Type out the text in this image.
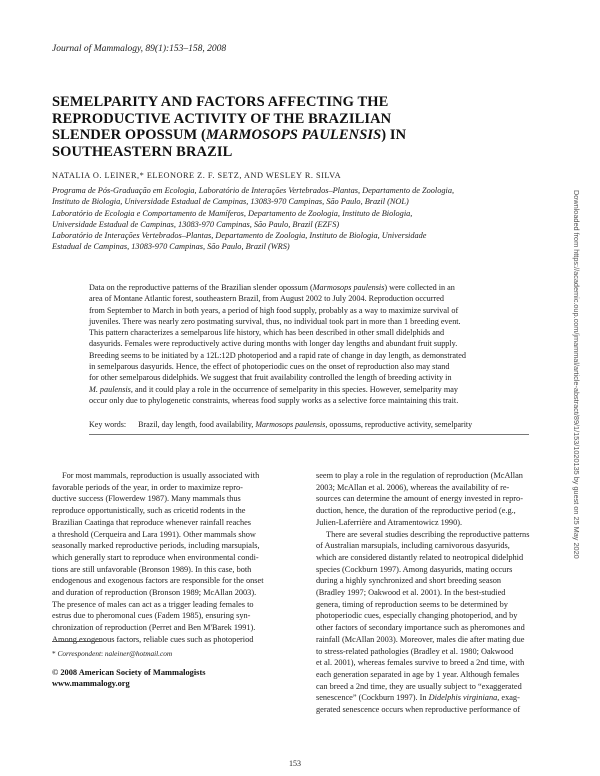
Journal of Mammalogy, 89(1):153–158, 2008
SEMELPARITY AND FACTORS AFFECTING THE
REPRODUCTIVE ACTIVITY OF THE BRAZILIAN
SLENDER OPOSSUM (MARMOSOPS PAULENSIS) IN
SOUTHEASTERN BRAZIL
NATALIA O. LEINER,* ELEONORE Z. F. SETZ, AND WESLEY R. SILVA
Programa de Pós-Graduação em Ecologia, Laboratório de Interações Vertebrados–Plantas, Departamento de Zoologia,
Instituto de Biologia, Universidade Estadual de Campinas, 13083-970 Campinas, São Paulo, Brazil (NOL)
Laboratório de Ecologia e Comportamento de Mamíferos, Departamento de Zoologia, Instituto de Biologia,
Universidade Estadual de Campinas, 13083-970 Campinas, São Paulo, Brazil (EZFS)
Laboratório de Interações Vertebrados–Plantas, Departamento de Zoologia, Instituto de Biologia, Universidade
Estadual de Campinas, 13083-970 Campinas, São Paulo, Brazil (WRS)
Data on the reproductive patterns of the Brazilian slender opossum (Marmosops paulensis) were collected in an
area of Montane Atlantic forest, southeastern Brazil, from August 2002 to July 2004. Reproduction occurred
from September to March in both years, a period of high food supply, probably as a way to maximize survival of
juveniles. There was nearly zero postmating survival, thus, no individual took part in more than 1 breeding event.
This pattern characterizes a semelparous life history, which has been described in other small didelphids and
dasyurids. Females were reproductively active during months with longer day lengths and abundant fruit supply.
Breeding seems to be initiated by a 12L:12D photoperiod and a rapid rate of change in day length, as demonstrated
in semelparous dasyurids. Hence, the effect of photoperiodic cues on the onset of reproduction also may stand
for other semelparous didelphids. We suggest that fruit availability controlled the length of breeding activity in
M. paulensis, and it could play a role in the occurrence of semelparity in this species. However, semelparity may
occur only due to phylogenetic constraints, whereas food supply works as a selective force maintaining this trait.
Key words: Brazil, day length, food availability, Marmosops paulensis, opossums, reproductive activity, semelparity
For most mammals, reproduction is usually associated with
favorable periods of the year, in order to maximize repro-
ductive success (Flowerdew 1987). Many mammals thus
reproduce opportunistically, such as cricetid rodents in the
Brazilian Caatinga that reproduce whenever rainfall reaches
a threshold (Cerqueira and Lara 1991). Other mammals show
seasonally marked reproductive periods, including marsupials,
which generally start to reproduce when environmental condi-
tions are still unfavorable (Bronson 1989). In this case, both
endogenous and exogenous factors are responsible for the onset
and duration of reproduction (Bronson 1989; McAllan 2003).
The presence of males can act as a trigger leading females to
estrus due to pheromonal cues (Fadem 1985), ensuring syn-
chronization of reproduction (Perret and Ben M'Barek 1991).
Among exogenous factors, reliable cues such as photoperiod
seem to play a role in the regulation of reproduction (McAllan
2003; McAllan et al. 2006), whereas the availability of re-
sources can determine the amount of energy invested in repro-
duction, hence, the duration of the reproductive period (e.g.,
Julien-Laferrière and Atramentowicz 1990).
There are several studies describing the reproductive patterns
of Australian marsupials, including carnivorous dasyurids,
which are considered distantly related to neotropical didelphid
species (Cockburn 1997). Among dasyurids, mating occurs
during a highly synchronized and short breeding season
(Bradley 1997; Oakwood et al. 2001). In the best-studied
genera, timing of reproduction seems to be determined by
photoperiodic cues, especially changing photoperiod, and by
other factors of secondary importance such as pheromones and
rainfall (McAllan 2003). Moreover, males die after mating due
to stress-related pathologies (Bradley et al. 1980; Oakwood
et al. 2001), whereas females survive to breed a 2nd time, with
each generation separated in age by 1 year. Although females
can breed a 2nd time, they are usually subject to “exaggerated
senescence” (Cockburn 1997). In Didelphis virginiana, exag-
gerated senescence occurs when reproductive performance of
* Correspondent: naleiner@hotmail.com
© 2008 American Society of Mammalogists
www.mammalogy.org
153
Downloaded from https://academic.oup.com/jmammal/article-abstract/89/1/153/1020135 by guest on 25 May 2020
